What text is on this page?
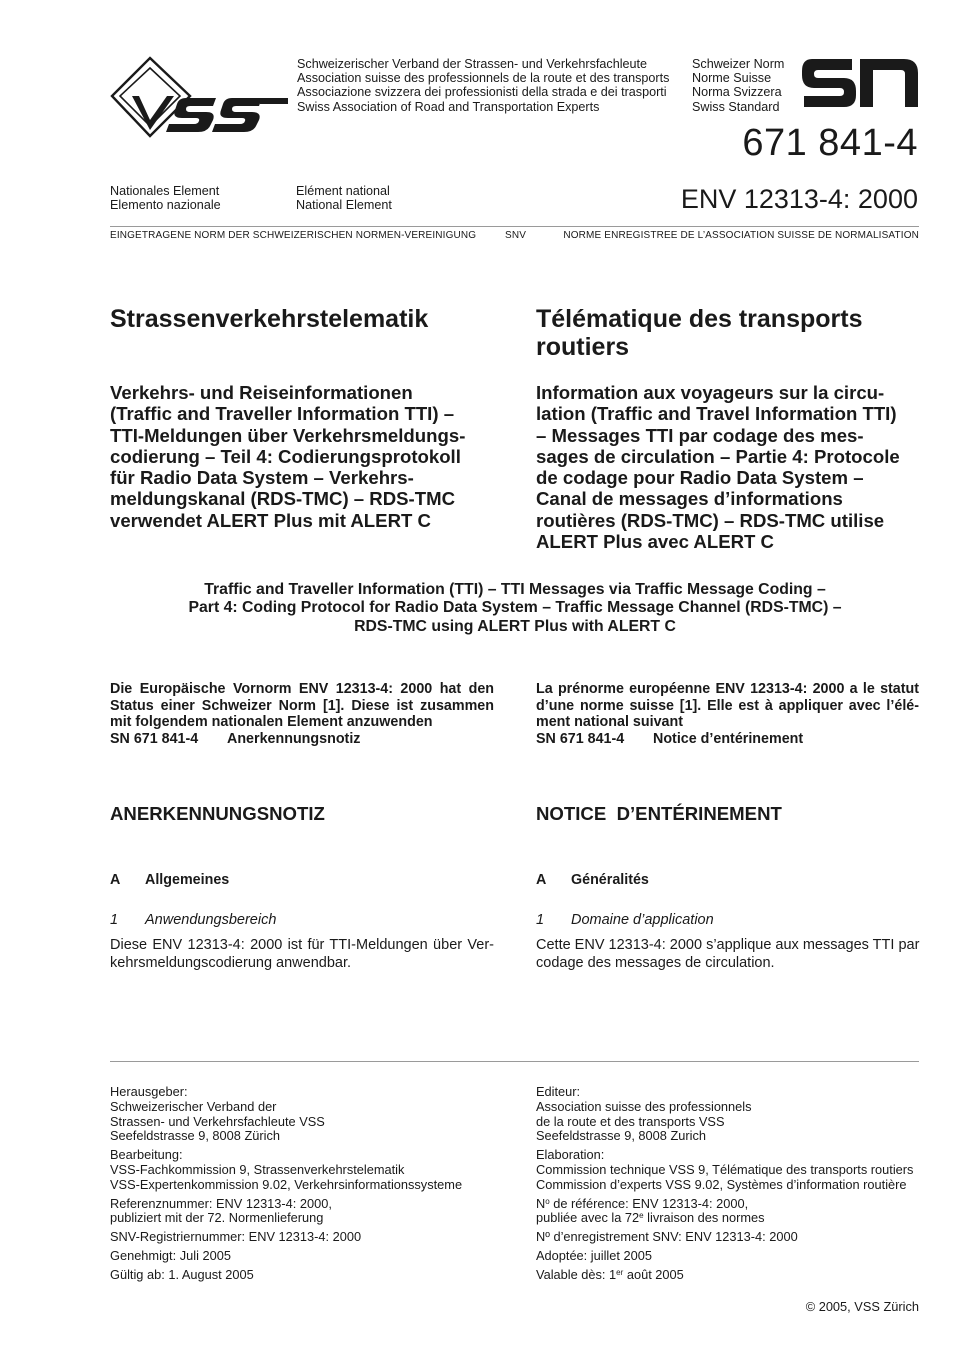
Schweizerischer Verband der Strassen- und Verkehrsfachleute
Association suisse des professionnels de la route et des transports
Associazione svizzera dei professionisti della strada e dei trasporti
Swiss Association of Road and Transportation Experts
Schweizer Norm
Norme Suisse
Norma Svizzera
Swiss Standard
671 841-4
Nationales Element
Elemento nazionale
Elément national
National Element	ENV 12313-4: 2000
EINGETRAGENE NORM DER SCHWEIZERISCHEN NORMEN-VEREINIGUNG	SNV	NORME ENREGISTREE DE L’ASSOCIATION SUISSE DE NORMALISATION
Strassenverkehrstelematik	Télématique des transports
routiers
Verkehrs- und Reiseinformationen
(Traffic and Traveller Information TTI) –
TTI-Meldungen über Verkehrsmeldungs-
codierung – Teil 4: Codierungsprotokoll
für Radio Data System – Verkehrs-
meldungskanal (RDS-TMC) – RDS-TMC
verwendet ALERT Plus mit ALERT C
Information aux voyageurs sur la circu-
lation (Traffic and Travel Information TTI)
– Messages TTI par codage des mes-
sages de circulation – Partie 4: Protocole
de codage pour Radio Data System –
Canal de messages d’informations
routières (RDS-TMC) – RDS-TMC utilise
ALERT Plus avec ALERT C
Traffic and Traveller Information (TTI) – TTI Messages via Traffic Message Coding –
Part 4: Coding Protocol for Radio Data System – Traffic Message Channel (RDS-TMC) –
RDS-TMC using ALERT Plus with ALERT C
Die Europäische Vornorm ENV 12313-4: 2000 hat den
Status einer Schweizer Norm [1]. Diese ist zusammen
mit folgendem nationalen Element anzuwenden
SN 671 841-4 Anerkennungsnotiz
La prénorme européenne ENV 12313-4: 2000 a le statut
d’une norme suisse [1]. Elle est à appliquer avec l’élé-
ment national suivant
SN 671 841-4 Notice d’entérinement
ANERKENNUNGSNOTIZ	NOTICE  D’ENTÉRINEMENT
A Allgemeines	A Généralités
1 Anwendungsbereich	1 Domaine d’application
Diese ENV 12313-4: 2000 ist für TTI-Meldungen über Ver-
kehrsmeldungscodierung anwendbar.
Cette ENV 12313-4: 2000 s’applique aux messages TTI par
codage des messages de circulation.
Herausgeber:
Schweizerischer Verband der
Strassen- und Verkehrsfachleute VSS
Seefeldstrasse 9, 8008 Zürich
Bearbeitung:
VSS-Fachkommission 9, Strassenverkehrstelematik
VSS-Expertenkommission 9.02, Verkehrsinformationssysteme
Referenznummer: ENV 12313-4: 2000,
publiziert mit der 72. Normenlieferung
SNV-Registriernummer: ENV 12313-4: 2000
Genehmigt: Juli 2005
Gültig ab: 1. August 2005
Editeur:
Association suisse des professionnels
de la route et des transports VSS
Seefeldstrasse 9, 8008 Zurich
Elaboration:
Commission technique VSS 9, Télématique des transports routiers
Commission d’experts VSS 9.02, Systèmes d’information routière
$N^o$ de référence: ENV 12313-4: 2000,
publiée avec la 72e livraison des normes
Nº d’enregistrement SNV: ENV 12313-4: 2000
Adoptée: juillet 2005
Valable dès: 1er août 2005
© 2005, VSS Zürich
